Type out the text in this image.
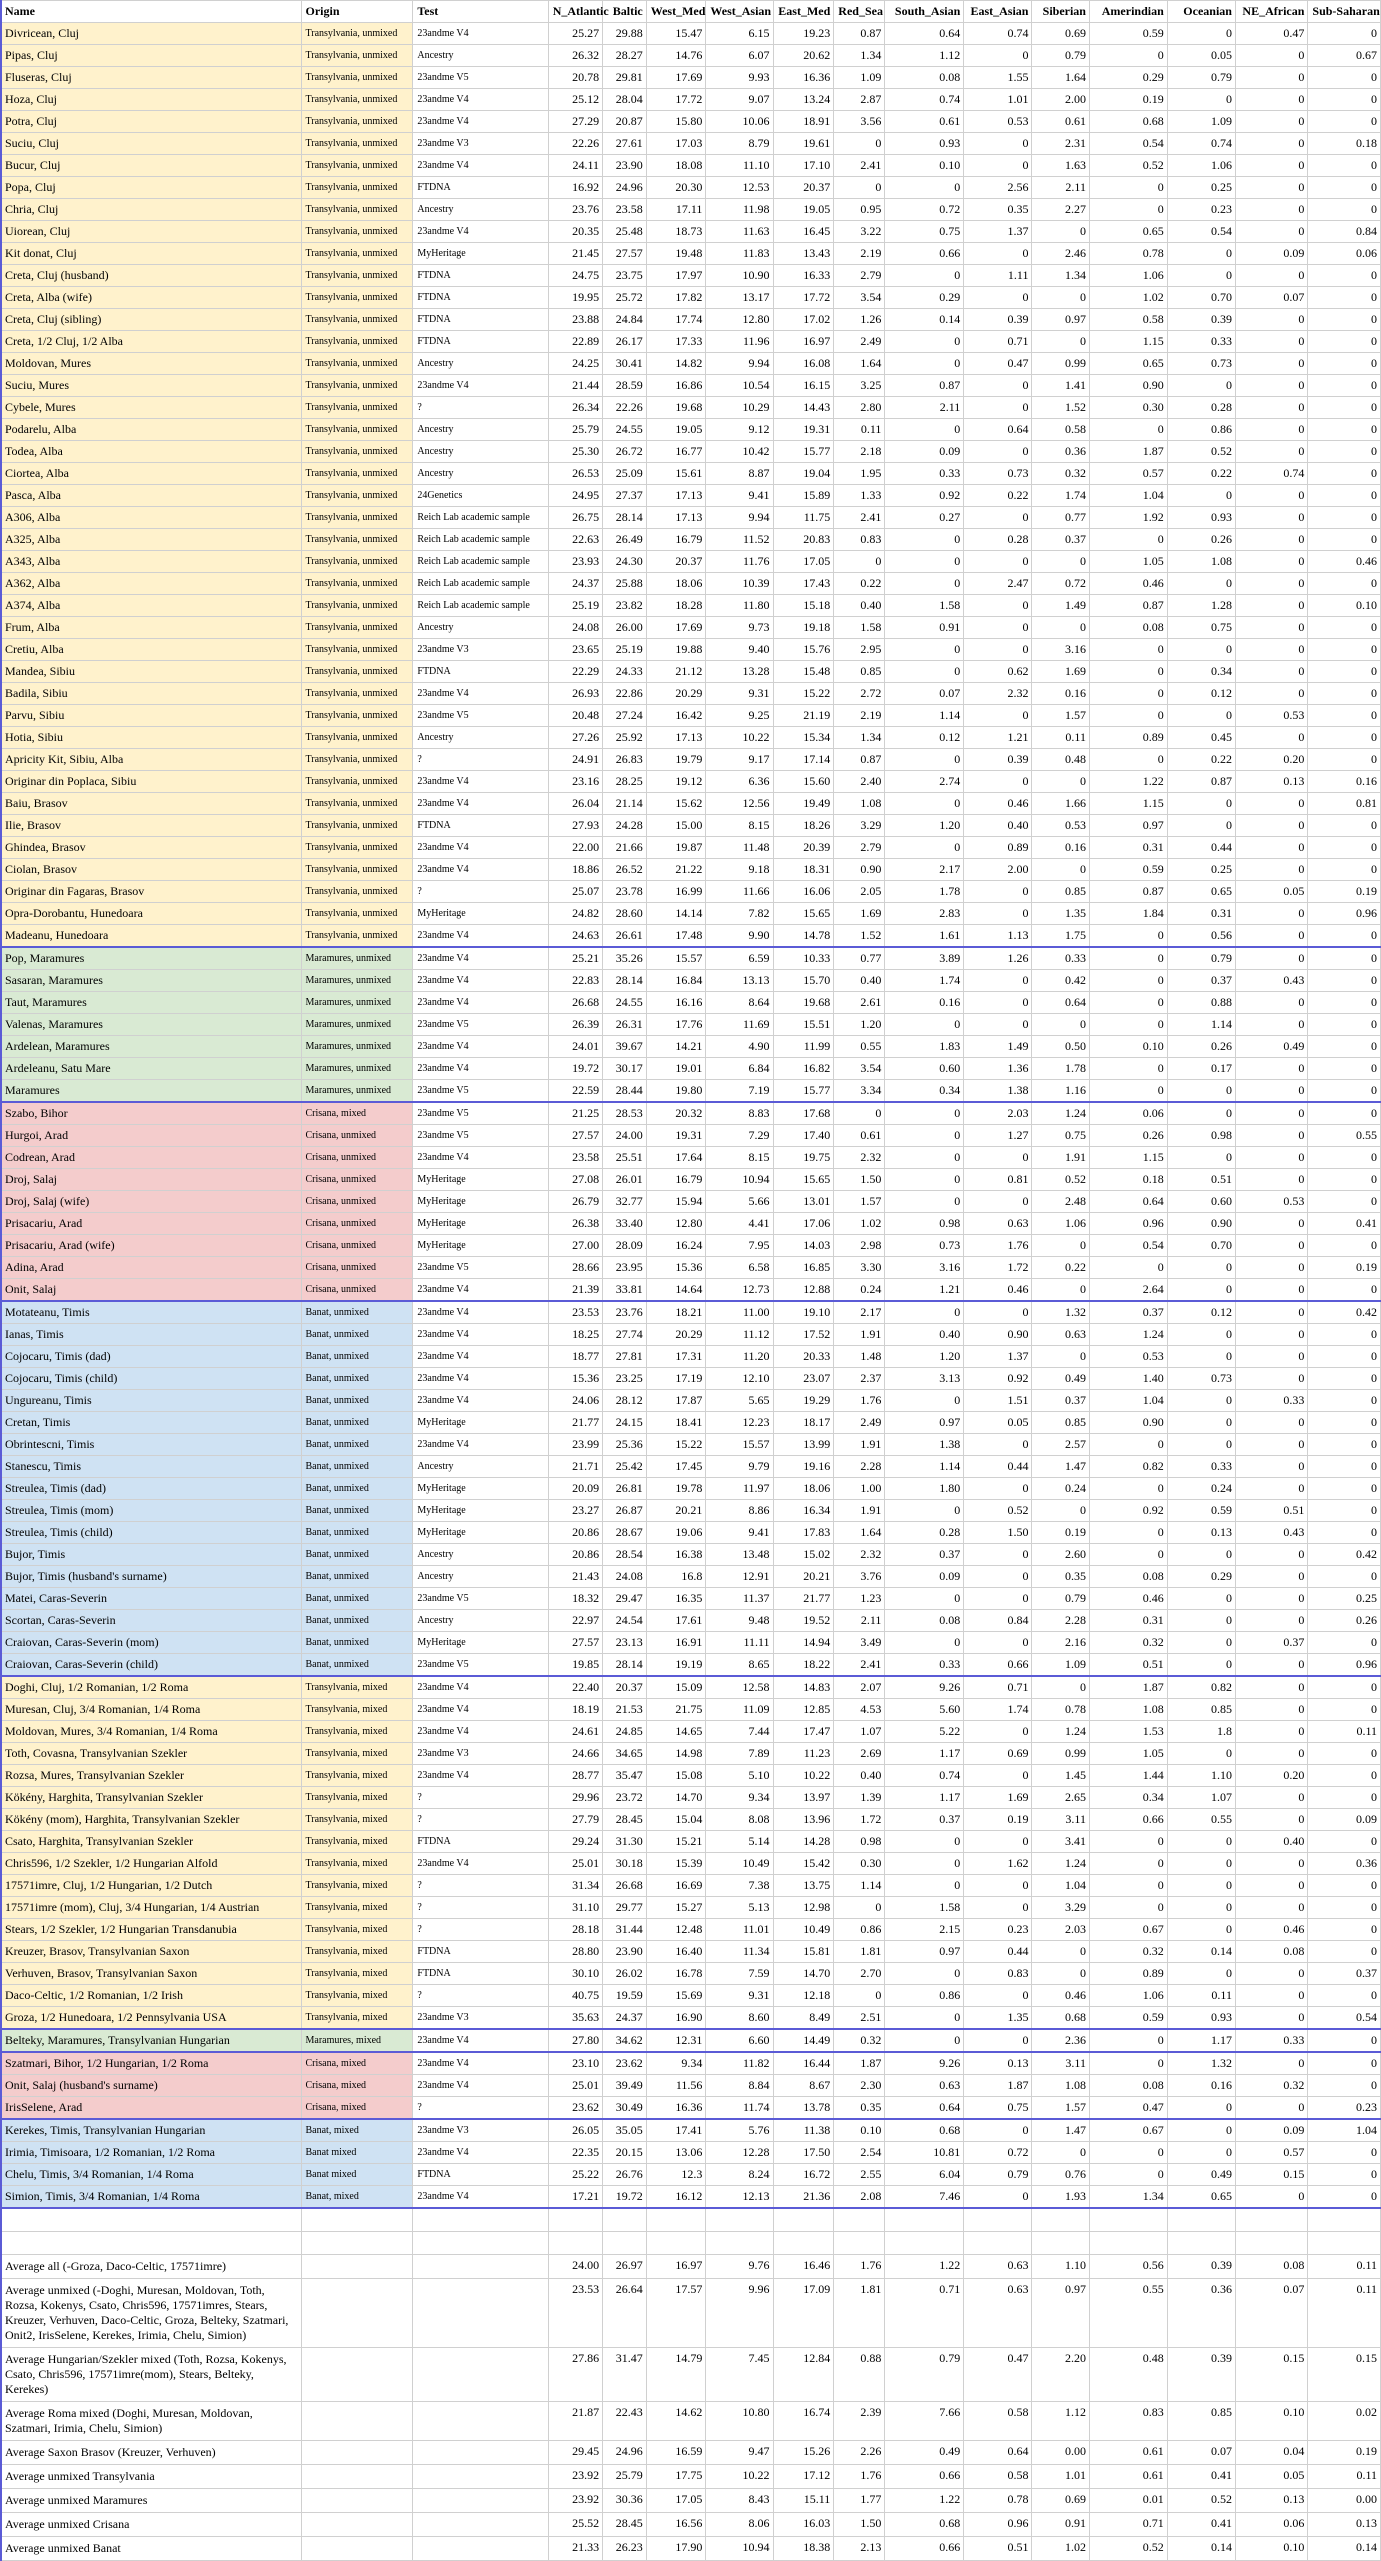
Name	Origin	Test	N_Atlantic	Baltic	West_Med	West_Asian	East_Med	Red_Sea	South_Asian	East_Asian	Siberian	Amerindian	Oceanian	NE_African	Sub-Saharan
Divricean, Cluj	Transylvania, unmixed	23andme V4	25.27	29.88	15.47	6.15	19.23	0.87	0.64	0.74	0.69	0.59	0	0.47	0
Pipas, Cluj	Transylvania, unmixed	Ancestry	26.32	28.27	14.76	6.07	20.62	1.34	1.12	0	0.79	0	0.05	0	0.67
Fluseras, Cluj	Transylvania, unmixed	23andme V5	20.78	29.81	17.69	9.93	16.36	1.09	0.08	1.55	1.64	0.29	0.79	0	0
Hoza, Cluj	Transylvania, unmixed	23andme V4	25.12	28.04	17.72	9.07	13.24	2.87	0.74	1.01	2.00	0.19	0	0	0
Potra, Cluj	Transylvania, unmixed	23andme V4	27.29	20.87	15.80	10.06	18.91	3.56	0.61	0.53	0.61	0.68	1.09	0	0
Suciu, Cluj	Transylvania, unmixed	23andme V3	22.26	27.61	17.03	8.79	19.61	0	0.93	0	2.31	0.54	0.74	0	0.18
Bucur, Cluj	Transylvania, unmixed	23andme V4	24.11	23.90	18.08	11.10	17.10	2.41	0.10	0	1.63	0.52	1.06	0	0
Popa, Cluj	Transylvania, unmixed	FTDNA	16.92	24.96	20.30	12.53	20.37	0	0	2.56	2.11	0	0.25	0	0
Chria, Cluj	Transylvania, unmixed	Ancestry	23.76	23.58	17.11	11.98	19.05	0.95	0.72	0.35	2.27	0	0.23	0	0
Uiorean, Cluj	Transylvania, unmixed	23andme V4	20.35	25.48	18.73	11.63	16.45	3.22	0.75	1.37	0	0.65	0.54	0	0.84
Kit donat, Cluj	Transylvania, unmixed	MyHeritage	21.45	27.57	19.48	11.83	13.43	2.19	0.66	0	2.46	0.78	0	0.09	0.06
Creta, Cluj (husband)	Transylvania, unmixed	FTDNA	24.75	23.75	17.97	10.90	16.33	2.79	0	1.11	1.34	1.06	0	0	0
Creta, Alba (wife)	Transylvania, unmixed	FTDNA	19.95	25.72	17.82	13.17	17.72	3.54	0.29	0	0	1.02	0.70	0.07	0
Creta, Cluj (sibling)	Transylvania, unmixed	FTDNA	23.88	24.84	17.74	12.80	17.02	1.26	0.14	0.39	0.97	0.58	0.39	0	0
Creta, 1/2 Cluj, 1/2 Alba	Transylvania, unmixed	FTDNA	22.89	26.17	17.33	11.96	16.97	2.49	0	0.71	0	1.15	0.33	0	0
Moldovan, Mures	Transylvania, unmixed	Ancestry	24.25	30.41	14.82	9.94	16.08	1.64	0	0.47	0.99	0.65	0.73	0	0
Suciu, Mures	Transylvania, unmixed	23andme V4	21.44	28.59	16.86	10.54	16.15	3.25	0.87	0	1.41	0.90	0	0	0
Cybele, Mures	Transylvania, unmixed	?	26.34	22.26	19.68	10.29	14.43	2.80	2.11	0	1.52	0.30	0.28	0	0
Podarelu, Alba	Transylvania, unmixed	Ancestry	25.79	24.55	19.05	9.12	19.31	0.11	0	0.64	0.58	0	0.86	0	0
Todea, Alba	Transylvania, unmixed	Ancestry	25.30	26.72	16.77	10.42	15.77	2.18	0.09	0	0.36	1.87	0.52	0	0
Ciortea, Alba	Transylvania, unmixed	Ancestry	26.53	25.09	15.61	8.87	19.04	1.95	0.33	0.73	0.32	0.57	0.22	0.74	0
Pasca, Alba	Transylvania, unmixed	24Genetics	24.95	27.37	17.13	9.41	15.89	1.33	0.92	0.22	1.74	1.04	0	0	0
A306, Alba	Transylvania, unmixed	Reich Lab academic sample	26.75	28.14	17.13	9.94	11.75	2.41	0.27	0	0.77	1.92	0.93	0	0
A325, Alba	Transylvania, unmixed	Reich Lab academic sample	22.63	26.49	16.79	11.52	20.83	0.83	0	0.28	0.37	0	0.26	0	0
A343, Alba	Transylvania, unmixed	Reich Lab academic sample	23.93	24.30	20.37	11.76	17.05	0	0	0	0	1.05	1.08	0	0.46
A362, Alba	Transylvania, unmixed	Reich Lab academic sample	24.37	25.88	18.06	10.39	17.43	0.22	0	2.47	0.72	0.46	0	0	0
A374, Alba	Transylvania, unmixed	Reich Lab academic sample	25.19	23.82	18.28	11.80	15.18	0.40	1.58	0	1.49	0.87	1.28	0	0.10
Frum, Alba	Transylvania, unmixed	Ancestry	24.08	26.00	17.69	9.73	19.18	1.58	0.91	0	0	0.08	0.75	0	0
Cretiu, Alba	Transylvania, unmixed	23andme V3	23.65	25.19	19.88	9.40	15.76	2.95	0	0	3.16	0	0	0	0
Mandea, Sibiu	Transylvania, unmixed	FTDNA	22.29	24.33	21.12	13.28	15.48	0.85	0	0.62	1.69	0	0.34	0	0
Badila, Sibiu	Transylvania, unmixed	23andme V4	26.93	22.86	20.29	9.31	15.22	2.72	0.07	2.32	0.16	0	0.12	0	0
Parvu, Sibiu	Transylvania, unmixed	23andme V5	20.48	27.24	16.42	9.25	21.19	2.19	1.14	0	1.57	0	0	0.53	0
Hotia, Sibiu	Transylvania, unmixed	Ancestry	27.26	25.92	17.13	10.22	15.34	1.34	0.12	1.21	0.11	0.89	0.45	0	0
Apricity Kit, Sibiu, Alba	Transylvania, unmixed	?	24.91	26.83	19.79	9.17	17.14	0.87	0	0.39	0.48	0	0.22	0.20	0
Originar din Poplaca, Sibiu	Transylvania, unmixed	23andme V4	23.16	28.25	19.12	6.36	15.60	2.40	2.74	0	0	1.22	0.87	0.13	0.16
Baiu, Brasov	Transylvania, unmixed	23andme V4	26.04	21.14	15.62	12.56	19.49	1.08	0	0.46	1.66	1.15	0	0	0.81
Ilie, Brasov	Transylvania, unmixed	FTDNA	27.93	24.28	15.00	8.15	18.26	3.29	1.20	0.40	0.53	0.97	0	0	0
Ghindea, Brasov	Transylvania, unmixed	23andme V4	22.00	21.66	19.87	11.48	20.39	2.79	0	0.89	0.16	0.31	0.44	0	0
Ciolan, Brasov	Transylvania, unmixed	23andme V4	18.86	26.52	21.22	9.18	18.31	0.90	2.17	2.00	0	0.59	0.25	0	0
Originar din Fagaras, Brasov	Transylvania, unmixed	?	25.07	23.78	16.99	11.66	16.06	2.05	1.78	0	0.85	0.87	0.65	0.05	0.19
Opra-Dorobantu, Hunedoara	Transylvania, unmixed	MyHeritage	24.82	28.60	14.14	7.82	15.65	1.69	2.83	0	1.35	1.84	0.31	0	0.96
Madeanu, Hunedoara	Transylvania, unmixed	23andme V4	24.63	26.61	17.48	9.90	14.78	1.52	1.61	1.13	1.75	0	0.56	0	0
Pop, Maramures	Maramures, unmixed	23andme V4	25.21	35.26	15.57	6.59	10.33	0.77	3.89	1.26	0.33	0	0.79	0	0
Sasaran, Maramures	Maramures, unmixed	23andme V4	22.83	28.14	16.84	13.13	15.70	0.40	1.74	0	0.42	0	0.37	0.43	0
Taut, Maramures	Maramures, unmixed	23andme V4	26.68	24.55	16.16	8.64	19.68	2.61	0.16	0	0.64	0	0.88	0	0
Valenas, Maramures	Maramures, unmixed	23andme V5	26.39	26.31	17.76	11.69	15.51	1.20	0	0	0	0	1.14	0	0
Ardelean, Maramures	Maramures, unmixed	23andme V4	24.01	39.67	14.21	4.90	11.99	0.55	1.83	1.49	0.50	0.10	0.26	0.49	0
Ardeleanu, Satu Mare	Maramures, unmixed	23andme V4	19.72	30.17	19.01	6.84	16.82	3.54	0.60	1.36	1.78	0	0.17	0	0
Maramures	Maramures, unmixed	23andme V5	22.59	28.44	19.80	7.19	15.77	3.34	0.34	1.38	1.16	0	0	0	0
Szabo, Bihor	Crisana, mixed	23andme V5	21.25	28.53	20.32	8.83	17.68	0	0	2.03	1.24	0.06	0	0	0
Hurgoi, Arad	Crisana, unmixed	23andme V5	27.57	24.00	19.31	7.29	17.40	0.61	0	1.27	0.75	0.26	0.98	0	0.55
Codrean, Arad	Crisana, unmixed	23andme V4	23.58	25.51	17.64	8.15	19.75	2.32	0	0	1.91	1.15	0	0	0
Droj, Salaj	Crisana, unmixed	MyHeritage	27.08	26.01	16.79	10.94	15.65	1.50	0	0.81	0.52	0.18	0.51	0	0
Droj, Salaj (wife)	Crisana, unmixed	MyHeritage	26.79	32.77	15.94	5.66	13.01	1.57	0	0	2.48	0.64	0.60	0.53	0
Prisacariu, Arad	Crisana, unmixed	MyHeritage	26.38	33.40	12.80	4.41	17.06	1.02	0.98	0.63	1.06	0.96	0.90	0	0.41
Prisacariu, Arad (wife)	Crisana, unmixed	MyHeritage	27.00	28.09	16.24	7.95	14.03	2.98	0.73	1.76	0	0.54	0.70	0	0
Adina, Arad	Crisana, unmixed	23andme V5	28.66	23.95	15.36	6.58	16.85	3.30	3.16	1.72	0.22	0	0	0	0.19
Onit, Salaj	Crisana, unmixed	23andme V4	21.39	33.81	14.64	12.73	12.88	0.24	1.21	0.46	0	2.64	0	0	0
Motateanu, Timis	Banat, unmixed	23andme V4	23.53	23.76	18.21	11.00	19.10	2.17	0	0	1.32	0.37	0.12	0	0.42
Ianas, Timis	Banat, unmixed	23andme V4	18.25	27.74	20.29	11.12	17.52	1.91	0.40	0.90	0.63	1.24	0	0	0
Cojocaru, Timis (dad)	Banat, unmixed	23andme V4	18.77	27.81	17.31	11.20	20.33	1.48	1.20	1.37	0	0.53	0	0	0
Cojocaru, Timis (child)	Banat, unmixed	23andme V4	15.36	23.25	17.19	12.10	23.07	2.37	3.13	0.92	0.49	1.40	0.73	0	0
Ungureanu, Timis	Banat, unmixed	23andme V4	24.06	28.12	17.87	5.65	19.29	1.76	0	1.51	0.37	1.04	0	0.33	0
Cretan, Timis	Banat, unmixed	MyHeritage	21.77	24.15	18.41	12.23	18.17	2.49	0.97	0.05	0.85	0.90	0	0	0
Obrintescni, Timis	Banat, unmixed	23andme V4	23.99	25.36	15.22	15.57	13.99	1.91	1.38	0	2.57	0	0	0	0
Stanescu, Timis	Banat, unmixed	Ancestry	21.71	25.42	17.45	9.79	19.16	2.28	1.14	0.44	1.47	0.82	0.33	0	0
Streulea, Timis (dad)	Banat, unmixed	MyHeritage	20.09	26.81	19.78	11.97	18.06	1.00	1.80	0	0.24	0	0.24	0	0
Streulea, Timis (mom)	Banat, unmixed	MyHeritage	23.27	26.87	20.21	8.86	16.34	1.91	0	0.52	0	0.92	0.59	0.51	0
Streulea, Timis (child)	Banat, unmixed	MyHeritage	20.86	28.67	19.06	9.41	17.83	1.64	0.28	1.50	0.19	0	0.13	0.43	0
Bujor, Timis	Banat, unmixed	Ancestry	20.86	28.54	16.38	13.48	15.02	2.32	0.37	0	2.60	0	0	0	0.42
Bujor, Timis (husband's surname)	Banat, unmixed	Ancestry	21.43	24.08	16.8	12.91	20.21	3.76	0.09	0	0.35	0.08	0.29	0	0
Matei, Caras-Severin	Banat, unmixed	23andme V5	18.32	29.47	16.35	11.37	21.77	1.23	0	0	0.79	0.46	0	0	0.25
Scortan, Caras-Severin	Banat, unmixed	Ancestry	22.97	24.54	17.61	9.48	19.52	2.11	0.08	0.84	2.28	0.31	0	0	0.26
Craiovan, Caras-Severin (mom)	Banat, unmixed	MyHeritage	27.57	23.13	16.91	11.11	14.94	3.49	0	0	2.16	0.32	0	0.37	0
Craiovan, Caras-Severin (child)	Banat, unmixed	23andme V5	19.85	28.14	19.19	8.65	18.22	2.41	0.33	0.66	1.09	0.51	0	0	0.96
Doghi, Cluj, 1/2 Romanian, 1/2 Roma	Transylvania, mixed	23andme V4	22.40	20.37	15.09	12.58	14.83	2.07	9.26	0.71	0	1.87	0.82	0	0
Muresan, Cluj, 3/4 Romanian, 1/4 Roma	Transylvania, mixed	23andme V4	18.19	21.53	21.75	11.09	12.85	4.53	5.60	1.74	0.78	1.08	0.85	0	0
Moldovan, Mures, 3/4 Romanian, 1/4 Roma	Transylvania, mixed	23andme V4	24.61	24.85	14.65	7.44	17.47	1.07	5.22	0	1.24	1.53	1.8	0	0.11
Toth, Covasna, Transylvanian Szekler	Transylvania, mixed	23andme V3	24.66	34.65	14.98	7.89	11.23	2.69	1.17	0.69	0.99	1.05	0	0	0
Rozsa, Mures, Transylvanian Szekler	Transylvania, mixed	23andme V4	28.77	35.47	15.08	5.10	10.22	0.40	0.74	0	1.45	1.44	1.10	0.20	0
Kökény, Harghita, Transylvanian Szekler	Transylvania, mixed	?	29.96	23.72	14.70	9.34	13.97	1.39	1.17	1.69	2.65	0.34	1.07	0	0
Kökény (mom), Harghita, Transylvanian Szekler	Transylvania, mixed	?	27.79	28.45	15.04	8.08	13.96	1.72	0.37	0.19	3.11	0.66	0.55	0	0.09
Csato, Harghita, Transylvanian Szekler	Transylvania, mixed	FTDNA	29.24	31.30	15.21	5.14	14.28	0.98	0	0	3.41	0	0	0.40	0
Chris596, 1/2 Szekler, 1/2 Hungarian Alfold	Transylvania, mixed	23andme V4	25.01	30.18	15.39	10.49	15.42	0.30	0	1.62	1.24	0	0	0	0.36
17571imre, Cluj, 1/2 Hungarian, 1/2 Dutch	Transylvania, mixed	?	31.34	26.68	16.69	7.38	13.75	1.14	0	0	1.04	0	0	0	0
17571imre (mom), Cluj, 3/4 Hungarian, 1/4 Austrian	Transylvania, mixed	?	31.10	29.77	15.27	5.13	12.98	0	1.58	0	3.29	0	0	0	0
Stears, 1/2 Szekler, 1/2 Hungarian Transdanubia	Transylvania, mixed	?	28.18	31.44	12.48	11.01	10.49	0.86	2.15	0.23	2.03	0.67	0	0.46	0
Kreuzer, Brasov, Transylvanian Saxon	Transylvania, mixed	FTDNA	28.80	23.90	16.40	11.34	15.81	1.81	0.97	0.44	0	0.32	0.14	0.08	0
Verhuven, Brasov, Transylvanian Saxon	Transylvania, mixed	FTDNA	30.10	26.02	16.78	7.59	14.70	2.70	0	0.83	0	0.89	0	0	0.37
Daco-Celtic, 1/2 Romanian, 1/2 Irish	Transylvania, mixed	?	40.75	19.59	15.69	9.31	12.18	0	0.86	0	0.46	1.06	0.11	0	0
Groza, 1/2 Hunedoara, 1/2 Pennsylvania USA	Transylvania, mixed	23andme V3	35.63	24.37	16.90	8.60	8.49	2.51	0	1.35	0.68	0.59	0.93	0	0.54
Belteky, Maramures, Transylvanian Hungarian	Maramures, mixed	23andme V4	27.80	34.62	12.31	6.60	14.49	0.32	0	0	2.36	0	1.17	0.33	0
Szatmari, Bihor, 1/2 Hungarian, 1/2 Roma	Crisana, mixed	23andme V4	23.10	23.62	9.34	11.82	16.44	1.87	9.26	0.13	3.11	0	1.32	0	0
Onit, Salaj (husband's surname)	Crisana, mixed	23andme V4	25.01	39.49	11.56	8.84	8.67	2.30	0.63	1.87	1.08	0.08	0.16	0.32	0
IrisSelene, Arad	Crisana, mixed	?	23.62	30.49	16.36	11.74	13.78	0.35	0.64	0.75	1.57	0.47	0	0	0.23
Kerekes, Timis, Transylvanian Hungarian	Banat, mixed	23andme V3	26.05	35.05	17.41	5.76	11.38	0.10	0.68	0	1.47	0.67	0	0.09	1.04
Irimia, Timisoara, 1/2 Romanian, 1/2 Roma	Banat mixed	23andme V4	22.35	20.15	13.06	12.28	17.50	2.54	10.81	0.72	0	0	0	0.57	0
Chelu, Timis, 3/4 Romanian, 1/4 Roma	Banat mixed	FTDNA	25.22	26.76	12.3	8.24	16.72	2.55	6.04	0.79	0.76	0	0.49	0.15	0
Simion, Timis, 3/4 Romanian, 1/4 Roma	Banat, mixed	23andme V4	17.21	19.72	16.12	12.13	21.36	2.08	7.46	0	1.93	1.34	0.65	0	0

Average all (-Groza, Daco-Celtic, 17571imre)			24.00	26.97	16.97	9.76	16.46	1.76	1.22	0.63	1.10	0.56	0.39	0.08	0.11
Average unmixed (-Doghi, Muresan, Moldovan, Toth, Rozsa, Kokenys, Csato, Chris596, 17571imres, Stears, Kreuzer, Verhuven, Daco-Celtic, Groza, Belteky, Szatmari, Onit2, IrisSelene, Kerekes, Irimia, Chelu, Simion)			23.53	26.64	17.57	9.96	17.09	1.81	0.71	0.63	0.97	0.55	0.36	0.07	0.11
Average Hungarian/Szekler mixed (Toth, Rozsa, Kokenys, Csato, Chris596, 17571imre(mom), Stears, Belteky, Kerekes)			27.86	31.47	14.79	7.45	12.84	0.88	0.79	0.47	2.20	0.48	0.39	0.15	0.15
Average Roma mixed (Doghi, Muresan, Moldovan, Szatmari, Irimia, Chelu, Simion)			21.87	22.43	14.62	10.80	16.74	2.39	7.66	0.58	1.12	0.83	0.85	0.10	0.02
Average Saxon Brasov (Kreuzer, Verhuven)			29.45	24.96	16.59	9.47	15.26	2.26	0.49	0.64	0.00	0.61	0.07	0.04	0.19
Average unmixed Transylvania			23.92	25.79	17.75	10.22	17.12	1.76	0.66	0.58	1.01	0.61	0.41	0.05	0.11
Average unmixed Maramures			23.92	30.36	17.05	8.43	15.11	1.77	1.22	0.78	0.69	0.01	0.52	0.13	0.00
Average unmixed Crisana			25.52	28.45	16.56	8.06	16.03	1.50	0.68	0.96	0.91	0.71	0.41	0.06	0.13
Average unmixed Banat			21.33	26.23	17.90	10.94	18.38	2.13	0.66	0.51	1.02	0.52	0.14	0.10	0.14
